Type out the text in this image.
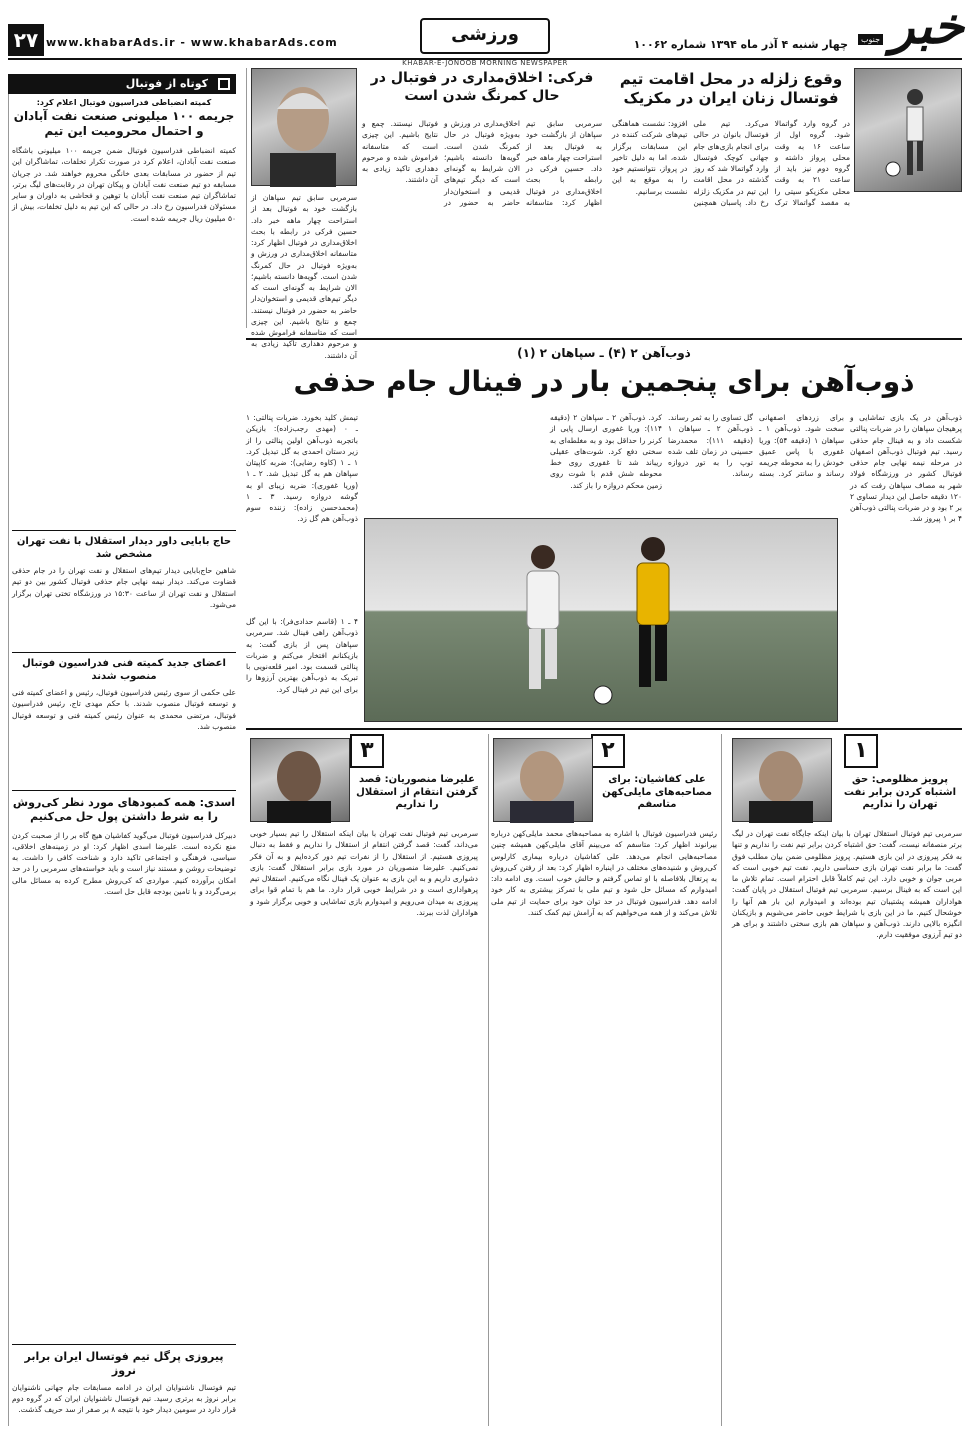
خبر
جنوب
چهار شنبه ۴ آذر ماه ۱۳۹۴ شماره ۱۰۰۶۲
ورزشی
www.khabarAds.ir - www.khabarAds.com
۲۷
KHABAR-E-JONOOB MORNING NEWSPAPER
کوتاه از فوتبال
کمیته انضباطی فدراسیون فوتبال اعلام کرد:
جریمه ۱۰۰ میلیونی صنعت نفت آبادان و احتمال محرومیت این تیم
کمیته انضباطی فدراسیون فوتبال ضمن جریمه ۱۰۰ میلیونی باشگاه صنعت نفت آبادان، اعلام کرد در صورت تکرار تخلفات، تماشاگران این تیم از حضور در مسابقات بعدی خانگی محروم خواهند شد. در جریان مسابقه دو تیم صنعت نفت آبادان و پیکان تهران در رقابت‌های لیگ برتر، تماشاگران تیم صنعت نفت آبادان با توهین و فحاشی به داوران و سایر مسئولان فدراسیون رخ داد. در حالی که این تیم به دلیل تخلفات، بیش از ۵۰ میلیون ریال جریمه شده است.
حاج بابایی داور دیدار استقلال با نفت تهران مشخص شد
شاهین حاج‌بابایی دیدار تیم‌های استقلال و نفت تهران را در جام حذفی قضاوت می‌کند. دیدار نیمه نهایی جام حذفی فوتبال کشور بین دو تیم استقلال و نفت تهران از ساعت ۱۵:۳۰ در ورزشگاه تختی تهران برگزار می‌شود.
اعضای جدید کمیته فنی فدراسیون فوتبال منصوب شدند
علی حکمی از سوی رئیس فدراسیون فوتبال، رئیس و اعضای کمیته فنی و توسعه فوتبال منصوب شدند. با حکم مهدی تاج، رئیس فدراسیون فوتبال، مرتضی محمدی به عنوان رئیس کمیته فنی و توسعه فوتبال منصوب شد.
اسدی: همه کمبودهای مورد نظر کی‌روش را به شرط داشتن پول حل می‌کنیم
دبیرکل فدراسیون فوتبال می‌گوید کفاشیان هیچ گاه بر را از صحبت کردن منع نکرده است. علیرضا اسدی اظهار کرد: او در زمینه‌های اخلاقی، سیاسی، فرهنگی و اجتماعی تاکید دارد و شناخت کافی را داشت. به توضیحات روشن و مستند نیاز است و باید خواسته‌های سرمربی را در حد امکان برآورده کنیم. مواردی که کی‌روش مطرح کرده به مسائل مالی برمی‌گردد و با تامین بودجه قابل حل است.
پیروزی پرگل تیم فوتسال ایران برابر نروز
تیم فوتسال ناشنوایان ایران در ادامه مسابقات جام جهانی ناشنوایان برابر نروژ به برتری رسید. تیم فوتسال ناشنوایان ایران که در گروه دوم قرار دارد در سومین دیدار خود با نتیجه ۸ بر صفر از سد حریف گذشت.
وقوع زلزله در محل اقامت تیم فوتسال زنان ایران در مکزیک
در گروه وارد گواتمالا شود. گروه اول از ساعت ۱۶ به وقت محلی پرواز داشته و گروه دوم نیز باید از ساعت ۲۱ به وقت محلی مکزیکو سیتی را به مقصد گواتمالا ترک می‌کرد. تیم ملی فوتسال بانوان در حالی برای انجام بازی‌های جام جهانی کوچک فوتسال وارد گواتمالا شد که روز گذشته در محل اقامت این تیم در مکزیک زلزله رخ داد. پاسبان همچنین افزود: نشست هماهنگی تیم‌های شرکت کننده در این مسابقات برگزار شده، اما به دلیل تاخیر در پرواز، نتوانستیم خود را به موقع به این نشست برسانیم.
فرکی: اخلاق‌مداری در فوتبال در حال کمرنگ شدن است
سرمربی سابق تیم سپاهان از بازگشت خود به فوتبال بعد از استراحت چهار ماهه خبر داد. حسین فرکی در رابطه با بحث اخلاق‌مداری در فوتبال اظهار کرد: متاسفانه اخلاق‌مداری در ورزش و به‌ویژه فوتبال در حال کمرنگ شدن است. گویه‌ها دانسته باشیم؛ الان شرایط به گونه‌ای است که دیگر تیم‌های قدیمی و استخوان‌دار حاضر به حضور در فوتبال نیستند. چمع و نتایج باشیم. این چیزی است که متاسفانه فراموش شده و مرحوم دهداری تاکید زیادی به آن داشتند.
سرمربی سابق تیم سپاهان از بازگشت خود به فوتبال بعد از استراحت چهار ماهه خبر داد. حسین فرکی در رابطه با بحث اخلاق‌مداری در فوتبال اظهار کرد: متاسفانه اخلاق‌مداری در ورزش و به‌ویژه فوتبال در حال کمرنگ شدن است. گویه‌ها دانسته باشیم؛ الان شرایط به گونه‌ای است که دیگر تیم‌های قدیمی و استخوان‌دار حاضر به حضور در فوتبال نیستند. چمع و نتایج باشیم. این چیزی است که متاسفانه فراموش شده و مرحوم دهداری تاکید زیادی به آن داشتند.	ذوب‌آهن ۲ (۴) ـ سپاهان ۲ (۱)
ذوب‌آهن برای پنجمین بار در فینال جام حذفی
ذوب‌آهن در یک بازی تماشایی و پرهیجان سپاهان را در ضربات پنالتی شکست داد و به فینال جام حذفی رسید. تیم فوتبال ذوب‌آهن اصفهان در مرحله نیمه نهایی جام حذفی فوتبال کشور در ورزشگاه فولاد شهر به مصاف سپاهان رفت که در ۱۲۰ دقیقه حاصل این دیدار تساوی ۲ بر ۲ بود و در ضربات پنالتی ذوب‌آهن ۴ بر ۱ پیروز شد.
برای زردهای اصفهانی سخت شود. ذوب‌آهن ۱ ـ سپاهان ۱ (دقیقه ۵۴): وریا غفوری با پاس عمیق خودش را به محوطه جریمه رساند و سانتر کرد. بسته گل تساوی را به ثمر رساند. ذوب‌آهن ۲ ـ سپاهان ۱ (دقیقه ۱۱۱): محمدرضا حسینی در زمان تلف شده توپ را به تور دروازه رساند.
کرد. ذوب‌آهن ۲ ـ سپاهان ۲ (دقیقه ۱۱۴): وریا غفوری ارسال پایی از کرنر را حداقل بود و به مغلطه‌ای به سختی دفع کرد. شوت‌های عقیلی ریباند شد تا غفوری روی خط محوطه شش قدم با شوت روی زمین محکم دروازه را باز کند.
تیمش کلید بخورد. ضربات پنالتی: ۱ ـ ۰ (مهدی رجب‌زاده): بازیکن باتجربه ذوب‌آهن اولین پنالتی را از زیر دستان احمدی به گل تبدیل کرد. ۱ ـ ۱ (کاوه رضایی): ضربه کاپیتان سپاهان هم به گل تبدیل شد. ۲ ـ ۱ (وریا غفوری): ضربه زیبای او به گوشه دروازه رسید. ۳ ـ ۱ (محمدحسن زاده): زننده سوم ذوب‌آهن هم گل زد.
۴ ـ ۱ (قاسم حدادی‌فر): با این گل ذوب‌آهن راهی فینال شد. سرمربی سپاهان پس از بازی گفت: به بازیکنانم افتخار می‌کنم و ضربات پنالتی قسمت بود. امیر قلعه‌نویی با تبریک به ذوب‌آهن بهترین آرزوها را برای این تیم در فینال کرد.
۱
پرویز مظلومی: حق اشتباه کردن برابر نفت تهران را نداریم
سرمربی تیم فوتبال استقلال تهران با بیان اینکه جایگاه نفت تهران در لیگ برتر منصفانه نیست، گفت: حق اشتباه کردن برابر تیم نفت را نداریم و تنها به فکر پیروزی در این بازی هستیم. پرویز مظلومی ضمن بیان مطلب فوق گفت: ما برابر نفت تهران بازی حساسی داریم. نفت تیم خوبی است که مربی جوان و خوبی دارد. این تیم کاملاً قابل احترام است. تمام تلاش ما این است که به فینال برسیم. سرمربی تیم فوتبال استقلال در پایان گفت: هواداران همیشه پشتیبان تیم بوده‌اند و امیدوارم این بار هم آنها را خوشحال کنیم. ما در این بازی با شرایط خوبی حاضر می‌شویم و بازیکنان انگیزه بالایی دارند. ذوب‌آهن و سپاهان هم بازی سختی داشتند و برای هر دو تیم آرزوی موفقیت دارم.
۲
علی کفاشیان: برای مصاحبه‌های مایلی‌کهن متاسفم
رئیس فدراسیون فوتبال با اشاره به مصاحبه‌های محمد مایلی‌کهن درباره بیرانوند اظهار کرد: متاسفم که می‌بینم آقای مایلی‌کهن همیشه چنین مصاحبه‌هایی انجام می‌دهد. علی کفاشیان درباره بیماری کارلوس کی‌روش و شنیده‌های مختلف در اینباره اظهار کرد: بعد از رفتن کی‌روش به پرتغال بلافاصله با او تماس گرفتم و حالش خوب است. وی ادامه داد: امیدوارم که مسائل حل شود و تیم ملی با تمرکز بیشتری به کار خود ادامه دهد. فدراسیون فوتبال در حد توان خود برای حمایت از تیم ملی تلاش می‌کند و از همه می‌خواهیم که به آرامش تیم کمک کنند.
۳
علیرضا منصوریان: قصد گرفتن انتقام از استقلال را نداریم
سرمربی تیم فوتبال نفت تهران با بیان اینکه استقلال را تیم بسیار خوبی می‌داند، گفت: قصد گرفتن انتقام از استقلال را نداریم و فقط به دنبال پیروزی هستیم. از استقلال را از نفرات تیم دور کرده‌ایم و به آن فکر نمی‌کنیم. علیرضا منصوریان در مورد بازی برابر استقلال گفت: بازی دشواری داریم و به این بازی به عنوان یک فینال نگاه می‌کنیم. استقلال تیم پرهواداری است و در شرایط خوبی قرار دارد. ما هم با تمام قوا برای پیروزی به میدان می‌رویم و امیدوارم بازی تماشایی و خوبی برگزار شود و هواداران لذت ببرند.
